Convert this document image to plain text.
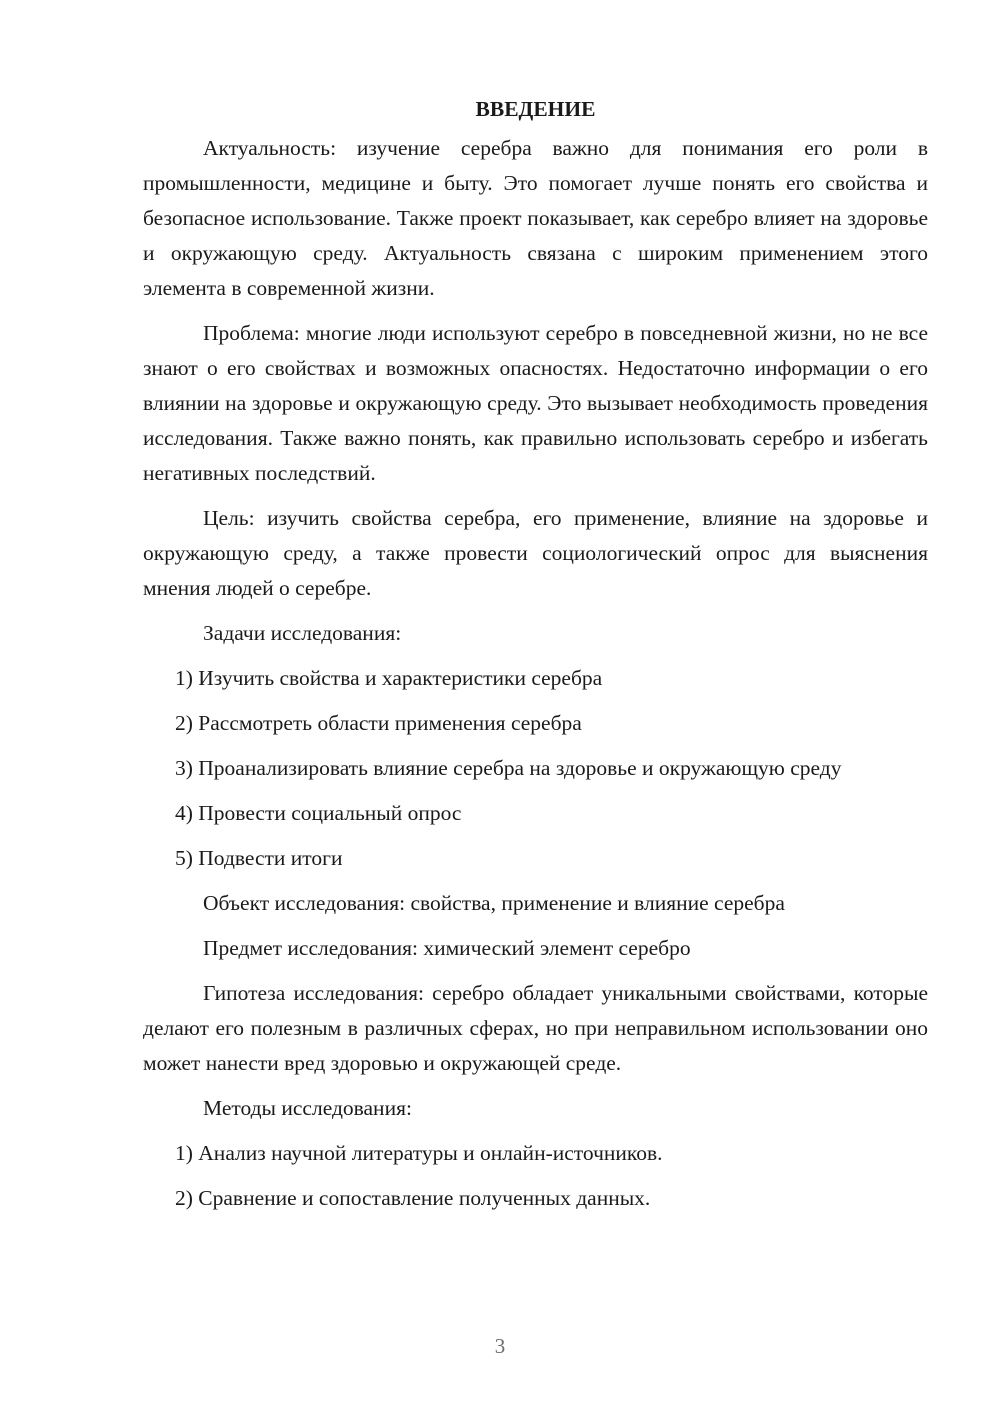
ВВЕДЕНИЕ

Актуальность: изучение серебра важно для понимания его роли в промышленности, медицине и быту. Это помогает лучше понять его свойства и безопасное использование. Также проект показывает, как серебро влияет на здоровье и окружающую среду. Актуальность связана с широким применением этого элемента в современной жизни.

Проблема: многие люди используют серебро в повседневной жизни, но не все знают о его свойствах и возможных опасностях. Недостаточно информации о его влиянии на здоровье и окружающую среду. Это вызывает необходимость проведения исследования. Также важно понять, как правильно использовать серебро и избегать негативных последствий.

Цель: изучить свойства серебра, его применение, влияние на здоровье и окружающую среду, а также провести социологический опрос для выяснения мнения людей о серебре.

Задачи исследования:

1) Изучить свойства и характеристики серебра

2) Рассмотреть области применения серебра

3) Проанализировать влияние серебра на здоровье и окружающую среду

4) Провести социальный опрос

5) Подвести итоги

Объект исследования: свойства, применение и влияние серебра

Предмет исследования: химический элемент серебро

Гипотеза исследования: серебро обладает уникальными свойствами, которые делают его полезным в различных сферах, но при неправильном использовании оно может нанести вред здоровью и окружающей среде.

Методы исследования:

1) Анализ научной литературы и онлайн-источников.

2) Сравнение и сопоставление полученных данных.

3
